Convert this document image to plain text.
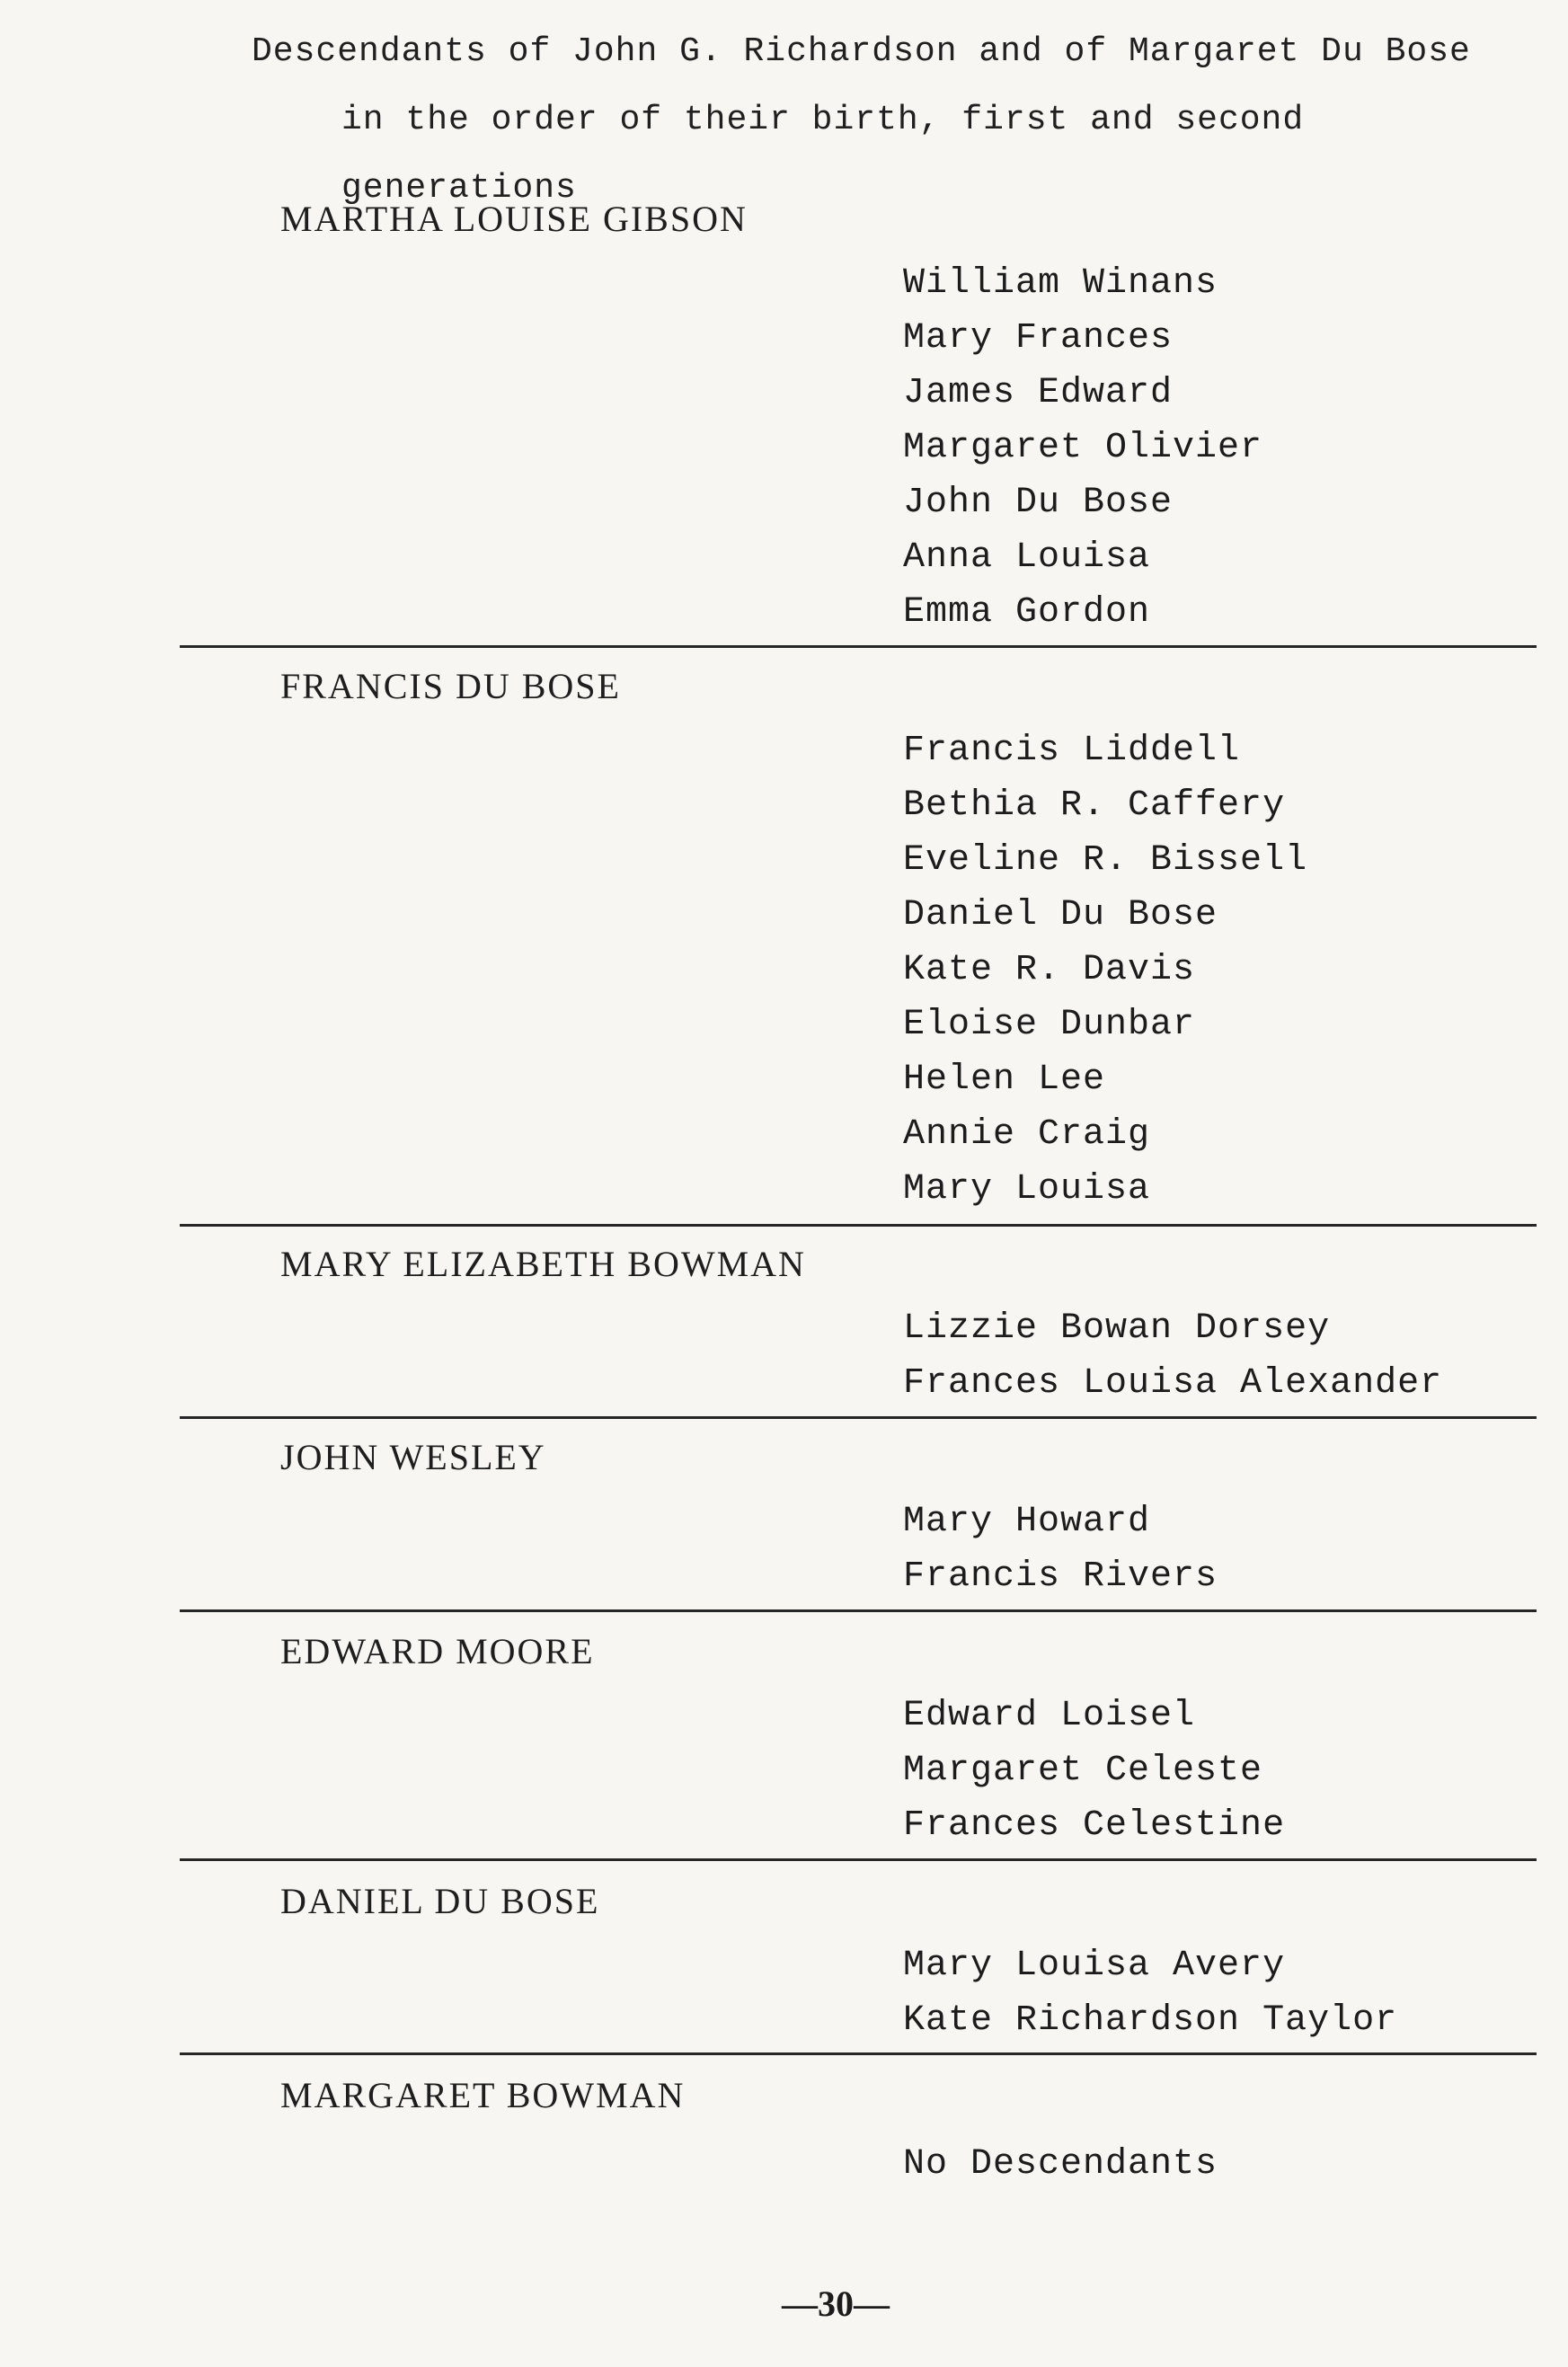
Descendants of John G. Richardson and of Margaret Du Bose
in the order of their birth, first and second generations
MARTHA LOUISE GIBSON
William Winans
Mary Frances
James Edward
Margaret Olivier
John Du Bose
Anna Louisa
Emma Gordon
FRANCIS DU BOSE
Francis Liddell
Bethia R. Caffery
Eveline R. Bissell
Daniel Du Bose
Kate R. Davis
Eloise Dunbar
Helen Lee
Annie Craig
Mary Louisa
MARY ELIZABETH BOWMAN
Lizzie Bowan Dorsey
Frances Louisa Alexander
JOHN WESLEY
Mary Howard
Francis Rivers
EDWARD MOORE
Edward Loisel
Margaret Celeste
Frances Celestine
DANIEL DU BOSE
Mary Louisa Avery
Kate Richardson Taylor
MARGARET BOWMAN
No Descendants
—30—
